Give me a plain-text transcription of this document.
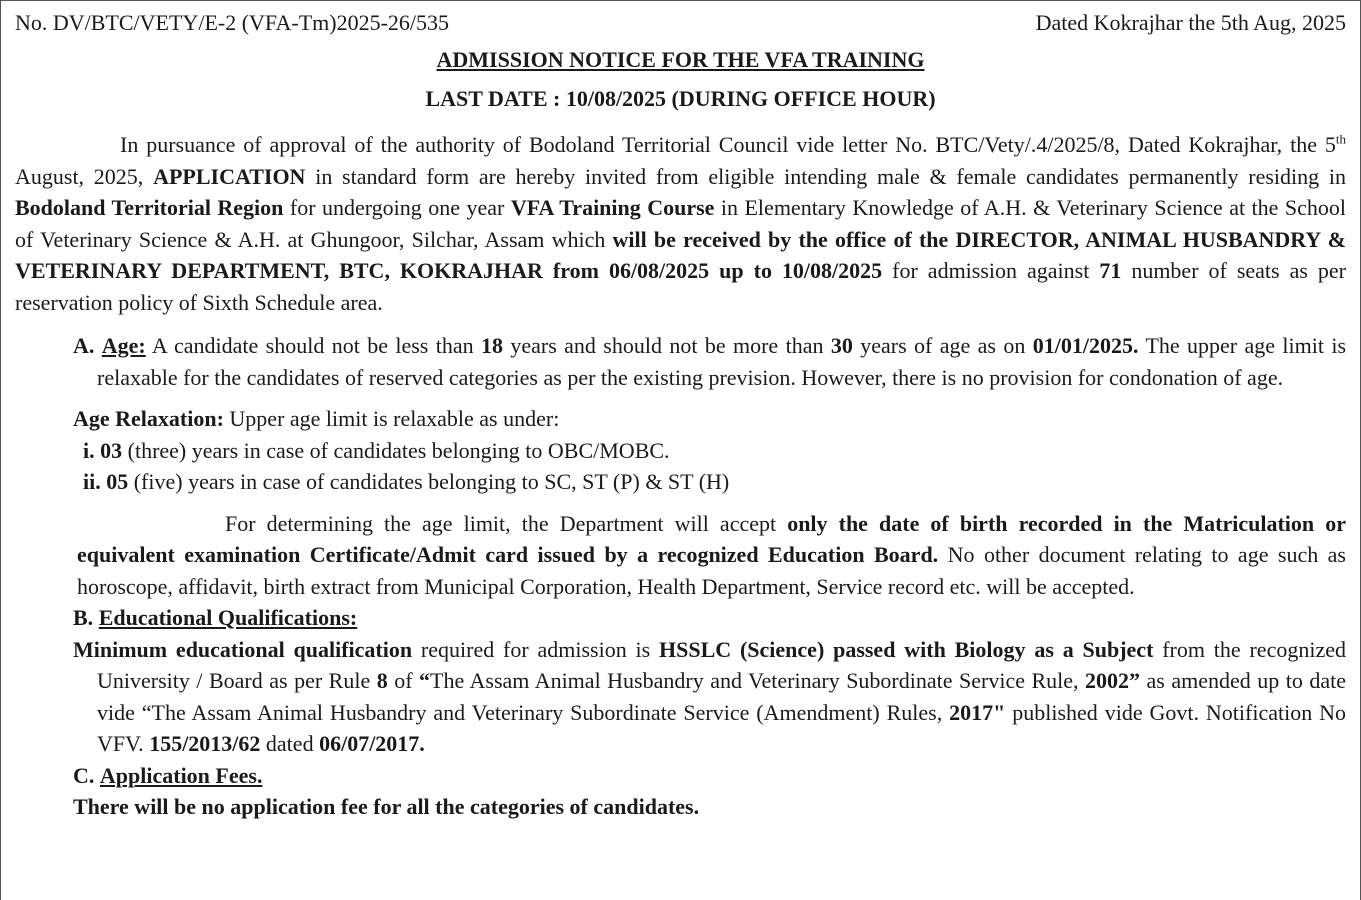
No. DV/BTC/VETY/E-2 (VFA-Tm)2025-26/535	Dated Kokrajhar the 5th Aug, 2025
ADMISSION NOTICE FOR THE VFA TRAINING
LAST DATE : 10/08/2025 (DURING OFFICE HOUR)

In pursuance of approval of the authority of Bodoland Territorial Council vide letter No. BTC/Vety/.4/2025/8, Dated Kokrajhar, the 5th August, 2025, APPLICATION in standard form are hereby invited from eligible intending male & female candidates permanently residing in Bodoland Territorial Region for undergoing one year VFA Training Course in Elementary Knowledge of A.H. & Veterinary Science at the School of Veterinary Science & A.H. at Ghungoor, Silchar, Assam which will be received by the office of the DIRECTOR, ANIMAL HUSBANDRY & VETERINARY DEPARTMENT, BTC, KOKRAJHAR from 06/08/2025 up to 10/08/2025 for admission against 71 number of seats as per reservation policy of Sixth Schedule area.

A. Age: A candidate should not be less than 18 years and should not be more than 30 years of age as on 01/01/2025. The upper age limit is relaxable for the candidates of reserved categories as per the existing prevision. However, there is no provision for condonation of age.

Age Relaxation: Upper age limit is relaxable as under:
i. 03 (three) years in case of candidates belonging to OBC/MOBC.
ii. 05 (five) years in case of candidates belonging to SC, ST (P) & ST (H)

For determining the age limit, the Department will accept only the date of birth recorded in the Matriculation or equivalent examination Certificate/Admit card issued by a recognized Education Board. No other document relating to age such as horoscope, affidavit, birth extract from Municipal Corporation, Health Department, Service record etc. will be accepted.

B. Educational Qualifications:

Minimum educational qualification required for admission is HSSLC (Science) passed with Biology as a Subject from the recognized University / Board as per Rule 8 of “The Assam Animal Husbandry and Veterinary Subordinate Service Rule, 2002” as amended up to date vide “The Assam Animal Husbandry and Veterinary Subordinate Service (Amendment) Rules, 2017" published vide Govt. Notification No VFV. 155/2013/62 dated 06/07/2017.

C. Application Fees.
There will be no application fee for all the categories of candidates.
